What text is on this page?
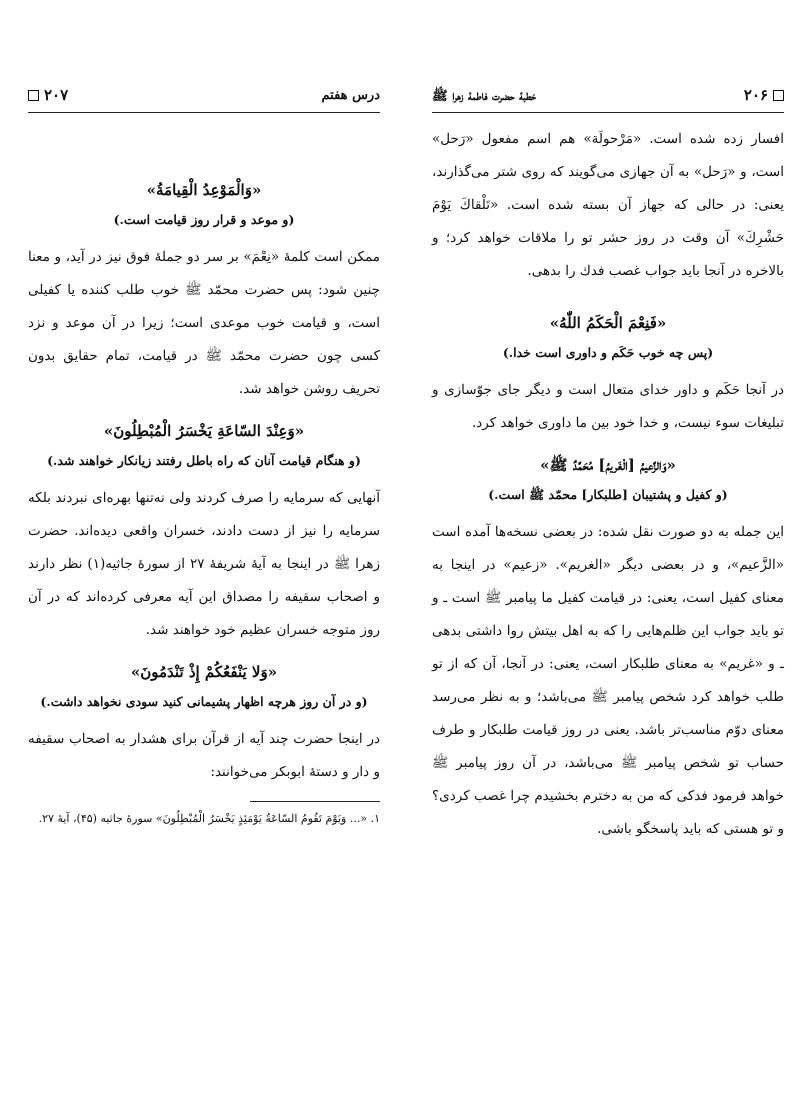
درس هفتم
۲۰۷
«وَالْمَوْعِدُ الْقِيامَةُ»
(و موعد و قرار روز قيامت است.)

ممكن است كلمۀ «نِعْمَ» بر سر دو جملۀ فوق نيز در آيد، و معنا چنين شود: پس حضرت محمّد ﷺ خوب طلب كننده يا كفيلى است، و قيامت خوب موعدى است؛ زيرا در آن موعد و نزد كسى چون حضرت محمّد ﷺ در قيامت، تمام حقايق بدون تحريف روشن خواهد شد.

«وَعِنْدَ السّاعَةِ يَخْسَرُ الْمُبْطِلُونَ»
(و هنگام قيامت آنان كه راه باطل رفتند زيانكار خواهند شد.)

آنهايى كه سرمايه را صرف كردند ولى نه‌تنها بهره‌اى نبردند بلكه سرمايه را نيز از دست دادند، خسران واقعى ديده‌اند. حضرت زهرا ﷺ در اينجا به آيۀ شريفۀ ۲۷ از سورۀ جاثيه(۱) نظر دارند و اصحاب سقيفه را مصداق اين آيه معرفى كرده‌اند كه در آن روز متوجه خسران عظيم خود خواهند شد.

«وَلا يَنْفَعُكُمْ إِذْ تَنْدَمُونَ»
(و در آن روز هرچه اظهار پشيمانى كنيد سودى نخواهد داشت.)

در اينجا حضرت چند آيه از قرآن براى هشدار به اصحاب سقيفه و دار و دستۀ ابوبكر مى‌خوانند:

۱. «... وَيَوْمَ تَقُومُ السّاعَةُ يَوْمَئِذٍ يَخْسَرُ الْمُبْطِلُونَ» سورۀ جاثيه (۴۵)، آيۀ ۲۷.
خطبۀ حضرت فاطمۀ زهرا ﷺ	۲۰۶

افسار زده شده است. «مَرْحولَة» هم اسم مفعول «رَحل» است، و «رَحل» به آن جهازى مى‌گويند كه روى شتر مى‌گذارند، يعنى: در حالى كه جهاز آن بسته شده است. «تَلْقاكَ يَوْمَ حَشْرِكَ» آن وقت در روز حشر تو را ملاقات خواهد كرد؛ و بالاخره در آنجا بايد جواب غصب فدك را بدهى.

«فَنِعْمَ الْحَكَمُ اللّٰهُ»
(پس چه خوب حَكَم و داورى است خدا.)

در آنجا حَكَم و داور خداى متعال است و ديگر جاى جوّسازى و تبليغات سوء نيست، و خدا خود بين ما داورى خواهد كرد.

«وَالزَّعيمُ [الْغَريمُ] مُحَمَّدٌ ﷺ»
(و كفيل و پشتيبان [طلبكار] محمّد ﷺ است.)

اين جمله به دو صورت نقل شده: در بعضى نسخه‌ها آمده است «الزَّعيم»، و در بعضى ديگر «الغريم». «زعيم» در اينجا به معناى كفيل است، يعنى: در قيامت كفيل ما پيامبر ﷺ است ـ و تو بايد جواب اين ظلم‌هايى را كه به اهل بيتش روا داشتى بدهى ـ و «غريم» به معناى طلبكار است، يعنى: در آنجا، آن كه از تو طلب خواهد كرد شخص پيامبر ﷺ مى‌باشد؛ و به نظر مى‌رسد معناى دوّم مناسب‌تر باشد. يعنى در روز قيامت طلبكار و طرف حساب تو شخص پيامبر ﷺ مى‌باشد، در آن روز پيامبر ﷺ خواهد فرمود فدكى كه من به دخترم بخشيدم چرا غصب كردى؟ و تو هستى كه بايد پاسخگو باشى.
